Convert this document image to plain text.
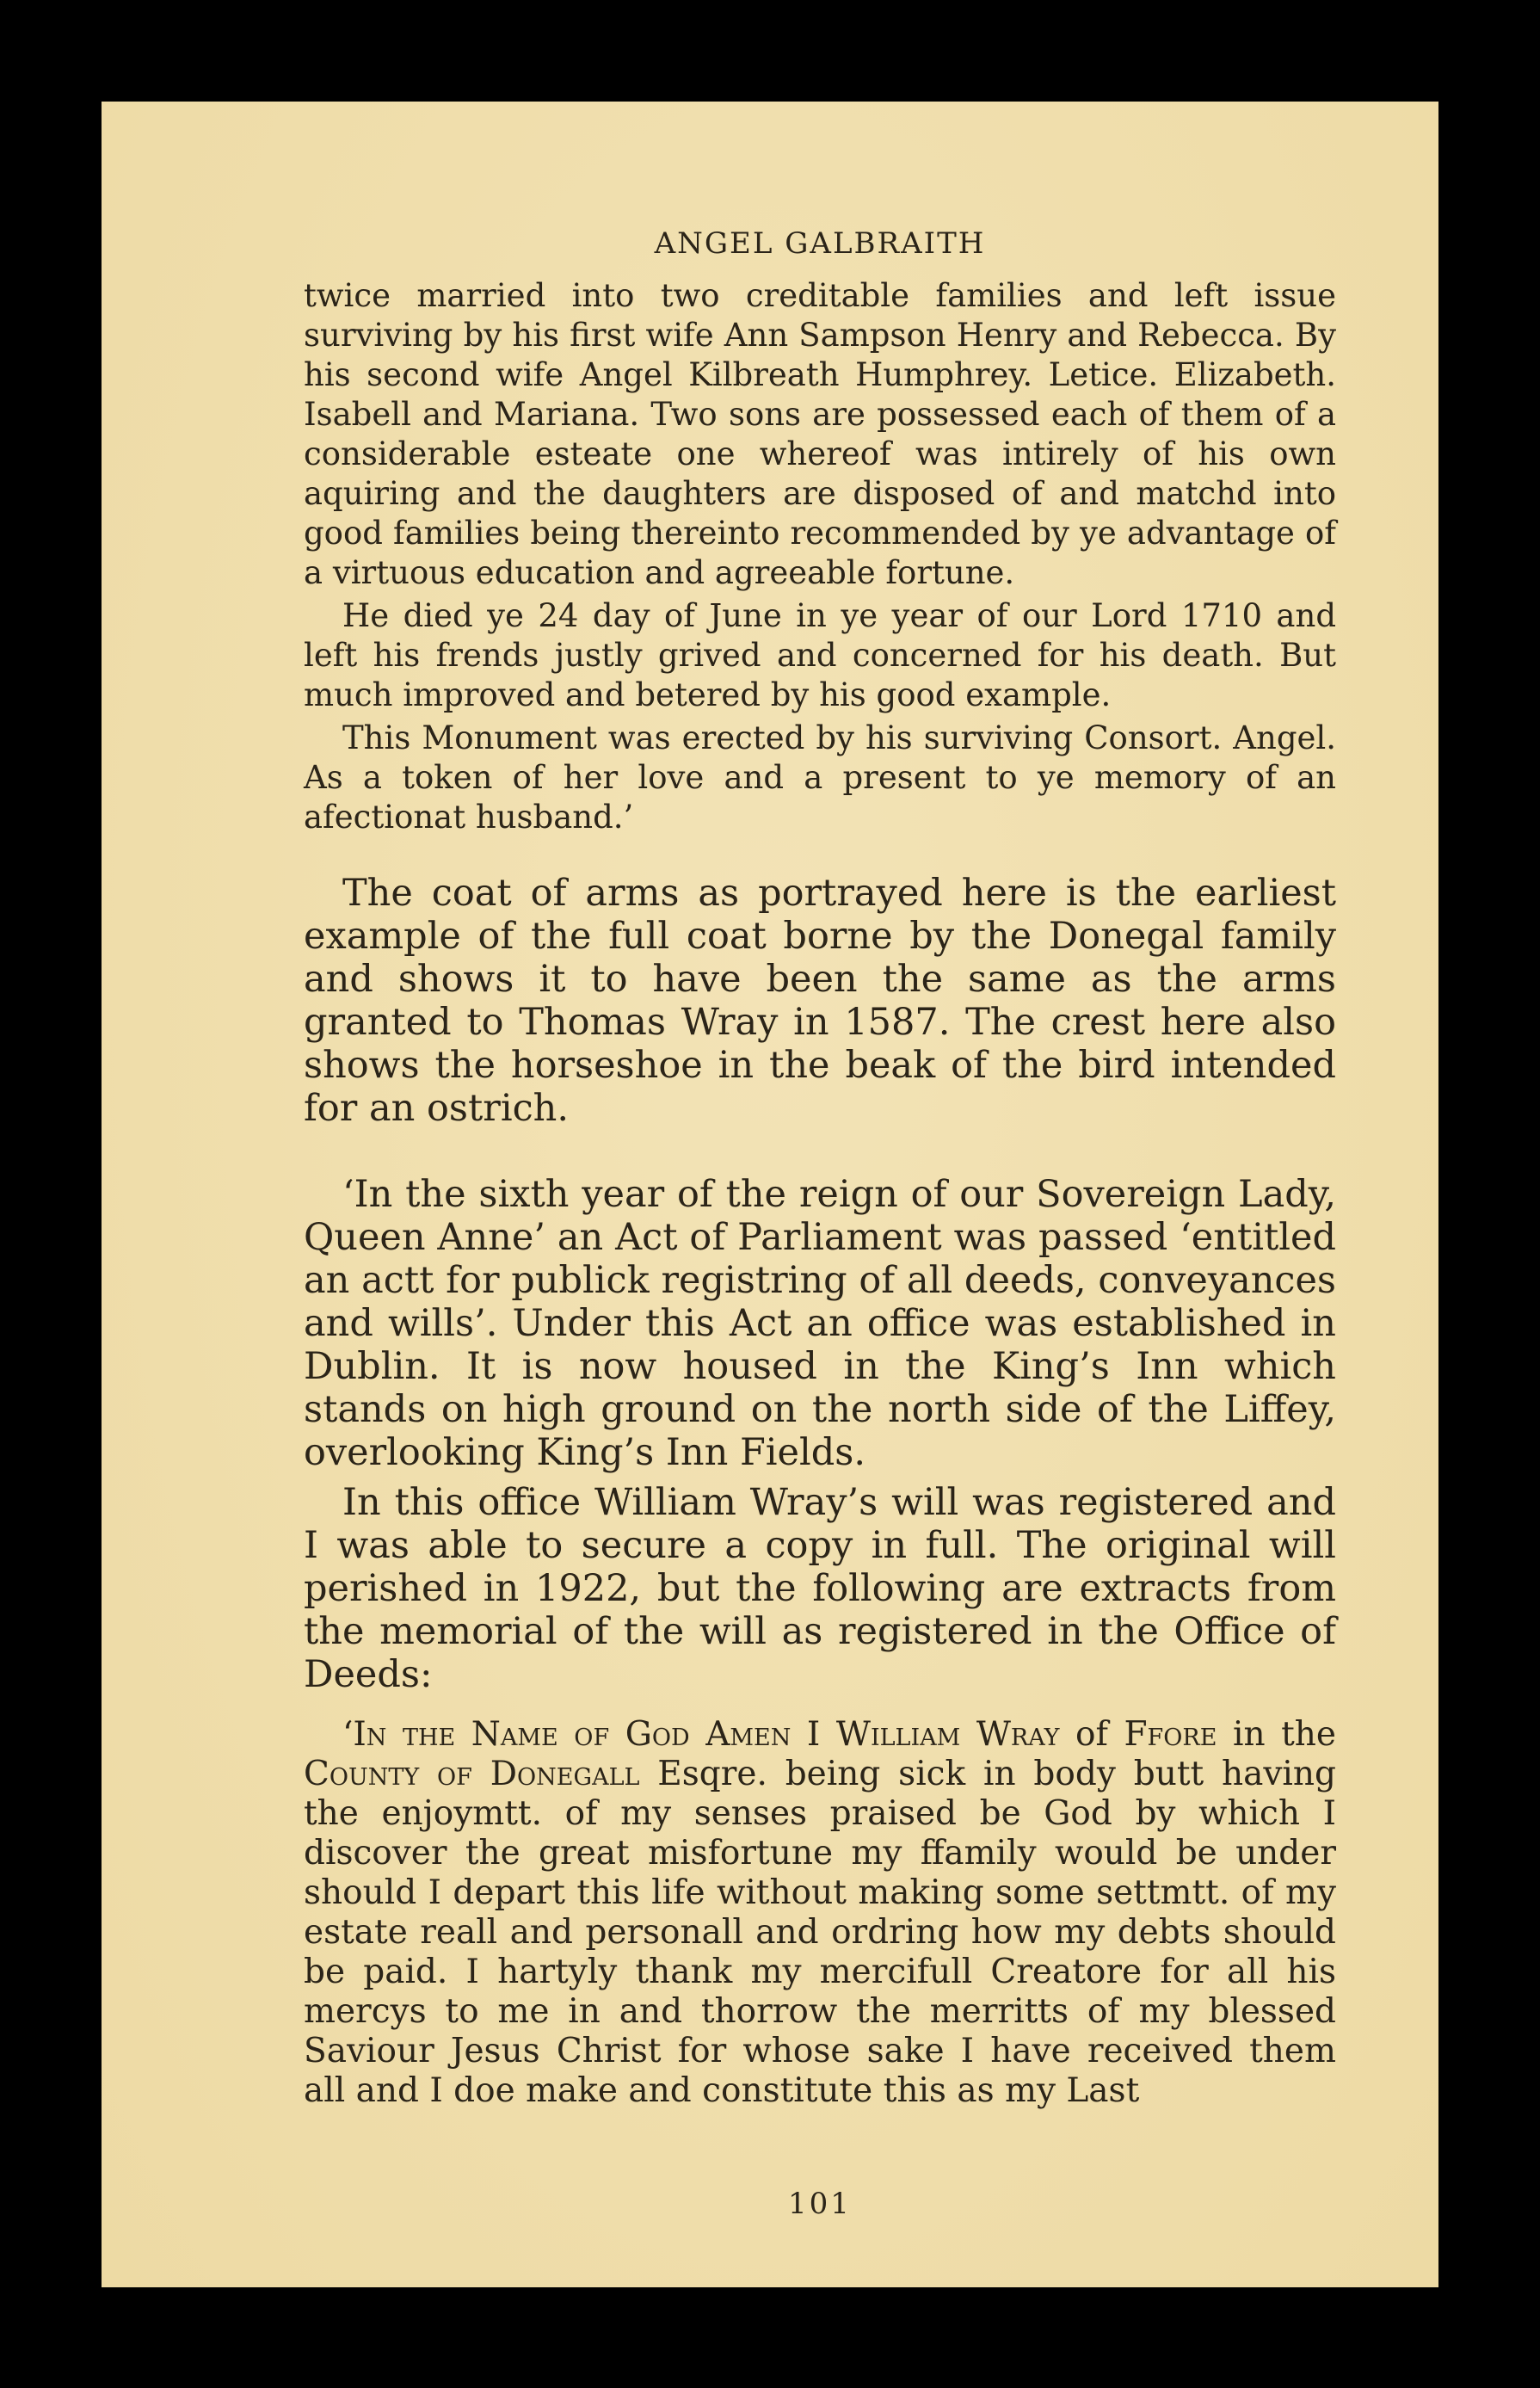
ANGEL GALBRAITH

twice married into two creditable families and left issue surviving by his first wife Ann Sampson Henry and Rebecca. By his second wife Angel Kilbreath Humphrey. Letice. Elizabeth. Isabell and Mariana. Two sons are possessed each of them of a considerable esteate one whereof was intirely of his own aquiring and the daughters are disposed of and matchd into good families being thereinto recommended by ye advantage of a virtuous education and agreeable fortune.

He died ye 24 day of June in ye year of our Lord 1710 and left his frends justly grived and concerned for his death. But much improved and betered by his good example.

This Monument was erected by his surviving Consort. Angel. As a token of her love and a present to ye memory of an afectionat husband.’

The coat of arms as portrayed here is the earliest example of the full coat borne by the Donegal family and shows it to have been the same as the arms granted to Thomas Wray in 1587. The crest here also shows the horseshoe in the beak of the bird intended for an ostrich.

‘In the sixth year of the reign of our Sovereign Lady, Queen Anne’ an Act of Parliament was passed ‘entitled an actt for publick registring of all deeds, conveyances and wills’. Under this Act an office was established in Dublin. It is now housed in the King’s Inn which stands on high ground on the north side of the Liffey, overlooking King’s Inn Fields.

In this office William Wray’s will was registered and I was able to secure a copy in full. The original will perished in 1922, but the following are extracts from the memorial of the will as registered in the Office of Deeds:

‘In the Name of God Amen I William Wray of Ffore in the County of Donegall Esqre. being sick in body butt having the enjoymtt. of my senses praised be God by which I discover the great misfortune my ffamily would be under should I depart this life without making some settmtt. of my estate reall and personall and ordring how my debts should be paid. I hartyly thank my mercifull Creatore for all his mercys to me in and thorrow the merritts of my blessed Saviour Jesus Christ for whose sake I have received them all and I doe make and constitute this as my Last

101
